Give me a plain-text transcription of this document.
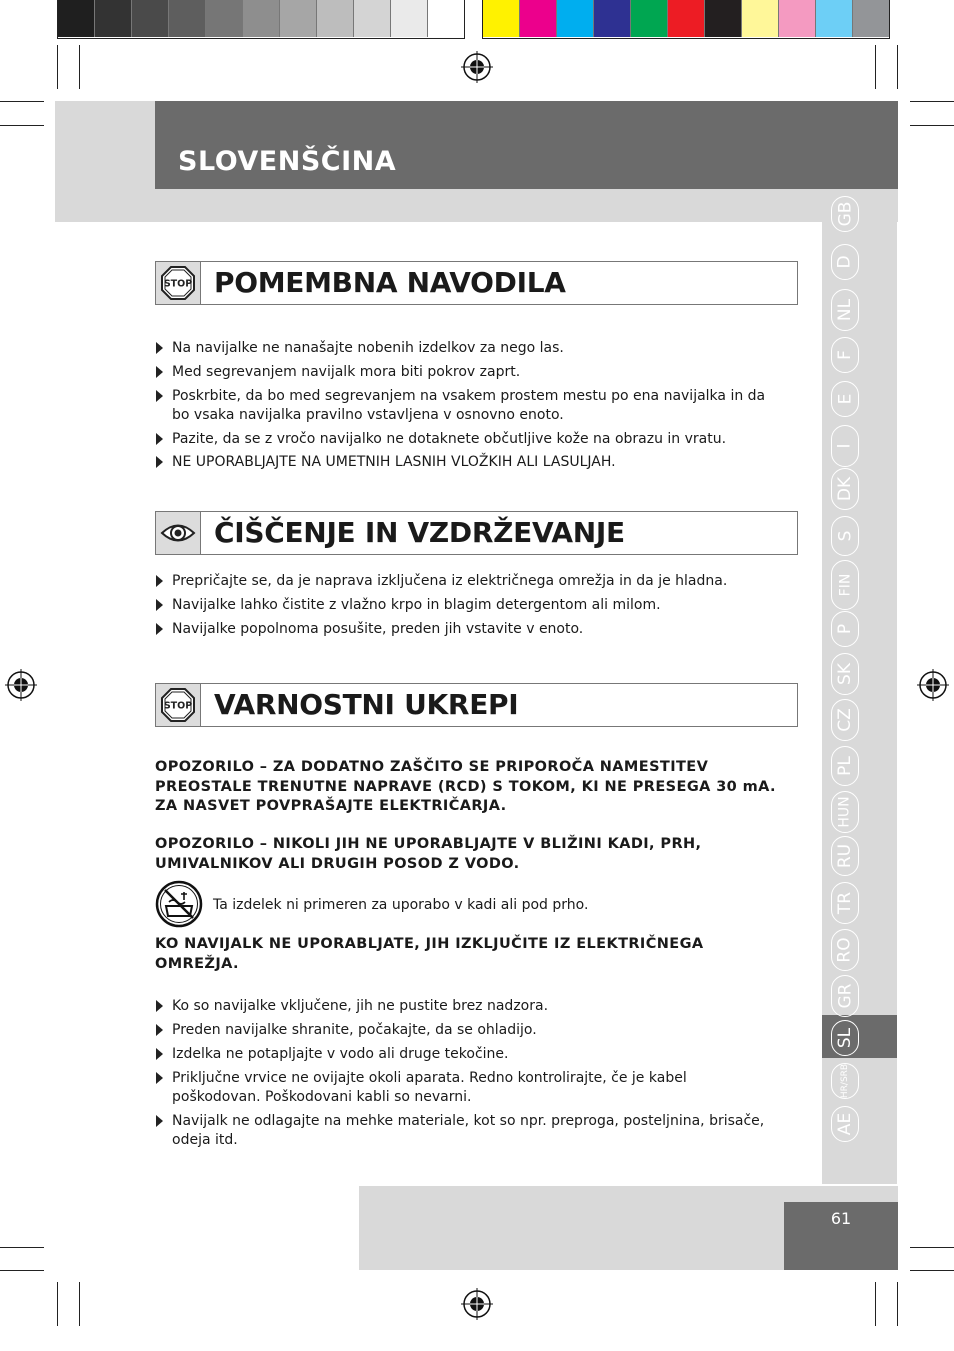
SLOVENŠČINA
GB
D
NL
F
E
I
DK
S
FIN
P
SK
CZ
PL
HUN
RU
TR
RO
GR
SL
HR/SRB
AE
STOP POMEMBNA NAVODILA
Na navijalke ne nanašajte nobenih izdelkov za nego las.
Med segrevanjem navijalk mora biti pokrov zaprt.
Poskrbite, da bo med segrevanjem na vsakem prostem mestu po ena navijalka in da bo vsaka navijalka pravilno vstavljena v osnovno enoto.
Pazite, da se z vročo navijalko ne dotaknete občutljive kože na obrazu in vratu.
NE UPORABLJAJTE NA UMETNIH LASNIH VLOŽKIH ALI LASULJAH.
ČIŠČENJE IN VZDRŽEVANJE
Prepričajte se, da je naprava izklјučena iz električnega omrežja in da je hladna.
Navijalke lahko čistite z vlažno krpo in blagim detergentom ali milom.
Navijalke popolnoma posušite, preden jih vstavite v enoto.
STOP VARNOSTNI UKREPI
OPOZORILO – ZA DODATNO ZAŠČITO SE PRIPOROČA NAMESTITEV PREOSTALE TRENUTNE NAPRAVE (RCD) S TOKOM, KI NE PRESEGA 30 mA. ZA NASVET POVPRAŠAJTE ELEKTRIČARJA.
OPOZORILO – NIKOLI JIH NE UPORABLJAJTE V BLIŽINI KADI, PRH, UMIVALNIKOV ALI DRUGIH POSOD Z VODO.
Ta izdelek ni primeren za uporabo v kadi ali pod prho.
KO NAVIJALK NE UPORABLJATE, JIH IZKLJUČITE IZ ELEKTRIČNEGA OMREŽJA.
Ko so navijalke vključene, jih ne pustite brez nadzora.
Preden navijalke shranite, počakajte, da se ohladijo.
Izdelka ne potapljajte v vodo ali druge tekočine.
Priključne vrvice ne ovijajte okoli aparata. Redno kontrolirajte, če je kabel poškodovan. Poškodovani kabli so nevarni.
Navijalk ne odlagajte na mehke materiale, kot so npr. preproga, posteljnina, brisače, odeja itd.
61
